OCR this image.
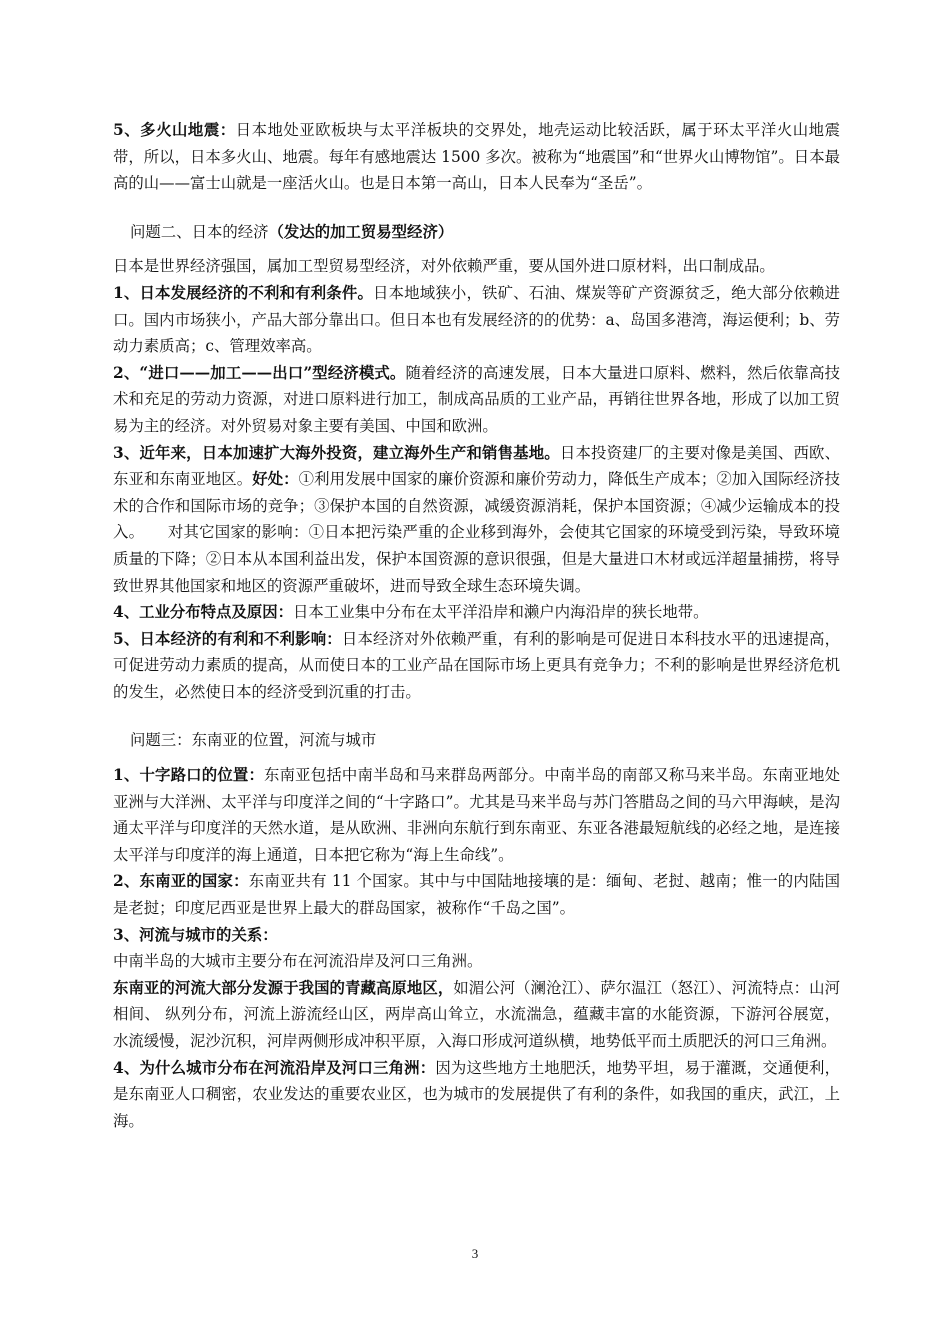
5、多火山地震：日本地处亚欧板块与太平洋板块的交界处，地壳运动比较活跃，属于环太平洋火山地震带，所以，日本多火山、地震。每年有感地震达 1500 多次。被称为“地震国”和“世界火山博物馆”。日本最高的山——富士山就是一座活火山。也是日本第一高山，日本人民奉为“圣岳”。

问题二、日本的经济（发达的加工贸易型经济）

日本是世界经济强国，属加工型贸易型经济，对外依赖严重，要从国外进口原材料，出口制成品。

1、日本发展经济的不利和有利条件。日本地域狭小，铁矿、石油、煤炭等矿产资源贫乏，绝大部分依赖进口。国内市场狭小，产品大部分靠出口。但日本也有发展经济的的优势：a、岛国多港湾，海运便利；b、劳动力素质高；c、管理效率高。

2、“进口——加工——出口”型经济模式。随着经济的高速发展，日本大量进口原料、燃料，然后依靠高技术和充足的劳动力资源，对进口原料进行加工，制成高品质的工业产品，再销往世界各地，形成了以加工贸易为主的经济。对外贸易对象主要有美国、中国和欧洲。

3、近年来，日本加速扩大海外投资，建立海外生产和销售基地。日本投资建厂的主要对像是美国、西欧、东亚和东南亚地区。好处：①利用发展中国家的廉价资源和廉价劳动力，降低生产成本；②加入国际经济技术的合作和国际市场的竞争；③保护本国的自然资源，减缓资源消耗，保护本国资源；④减少运输成本的投入。　　对其它国家的影响：①日本把污染严重的企业移到海外，会使其它国家的环境受到污染，导致环境质量的下降；②日本从本国利益出发，保护本国资源的意识很强，但是大量进口木材或远洋超量捕捞，将导致世界其他国家和地区的资源严重破坏，进而导致全球生态环境失调。

4、工业分布特点及原因：日本工业集中分布在太平洋沿岸和濑户内海沿岸的狭长地带。

5、日本经济的有利和不利影响：日本经济对外依赖严重，有利的影响是可促进日本科技水平的迅速提高，可促进劳动力素质的提高，从而使日本的工业产品在国际市场上更具有竞争力；不利的影响是世界经济危机的发生，必然使日本的经济受到沉重的打击。

问题三：东南亚的位置，河流与城市

1、十字路口的位置：东南亚包括中南半岛和马来群岛两部分。中南半岛的南部又称马来半岛。东南亚地处亚洲与大洋洲、太平洋与印度洋之间的“十字路口”。尤其是马来半岛与苏门答腊岛之间的马六甲海峡，是沟通太平洋与印度洋的天然水道，是从欧洲、非洲向东航行到东南亚、东亚各港最短航线的必经之地，是连接太平洋与印度洋的海上通道，日本把它称为“海上生命线”。

2、东南亚的国家：东南亚共有 11 个国家。其中与中国陆地接壤的是：缅甸、老挝、越南；惟一的内陆国是老挝；印度尼西亚是世界上最大的群岛国家，被称作“千岛之国”。

3、河流与城市的关系：

中南半岛的大城市主要分布在河流沿岸及河口三角洲。

东南亚的河流大部分发源于我国的青藏高原地区，如湄公河（澜沧江）、萨尔温江（怒江）、河流特点：山河相间、 纵列分布，河流上游流经山区，两岸高山耸立，水流湍急，蕴藏丰富的水能资源，下游河谷展宽，水流缓慢，泥沙沉积，河岸两侧形成冲积平原，入海口形成河道纵横，地势低平而土质肥沃的河口三角洲。

4、为什么城市分布在河流沿岸及河口三角洲：因为这些地方土地肥沃，地势平坦，易于灌溉，交通便利，是东南亚人口稠密，农业发达的重要农业区，也为城市的发展提供了有利的条件，如我国的重庆，武江，上海。

3
